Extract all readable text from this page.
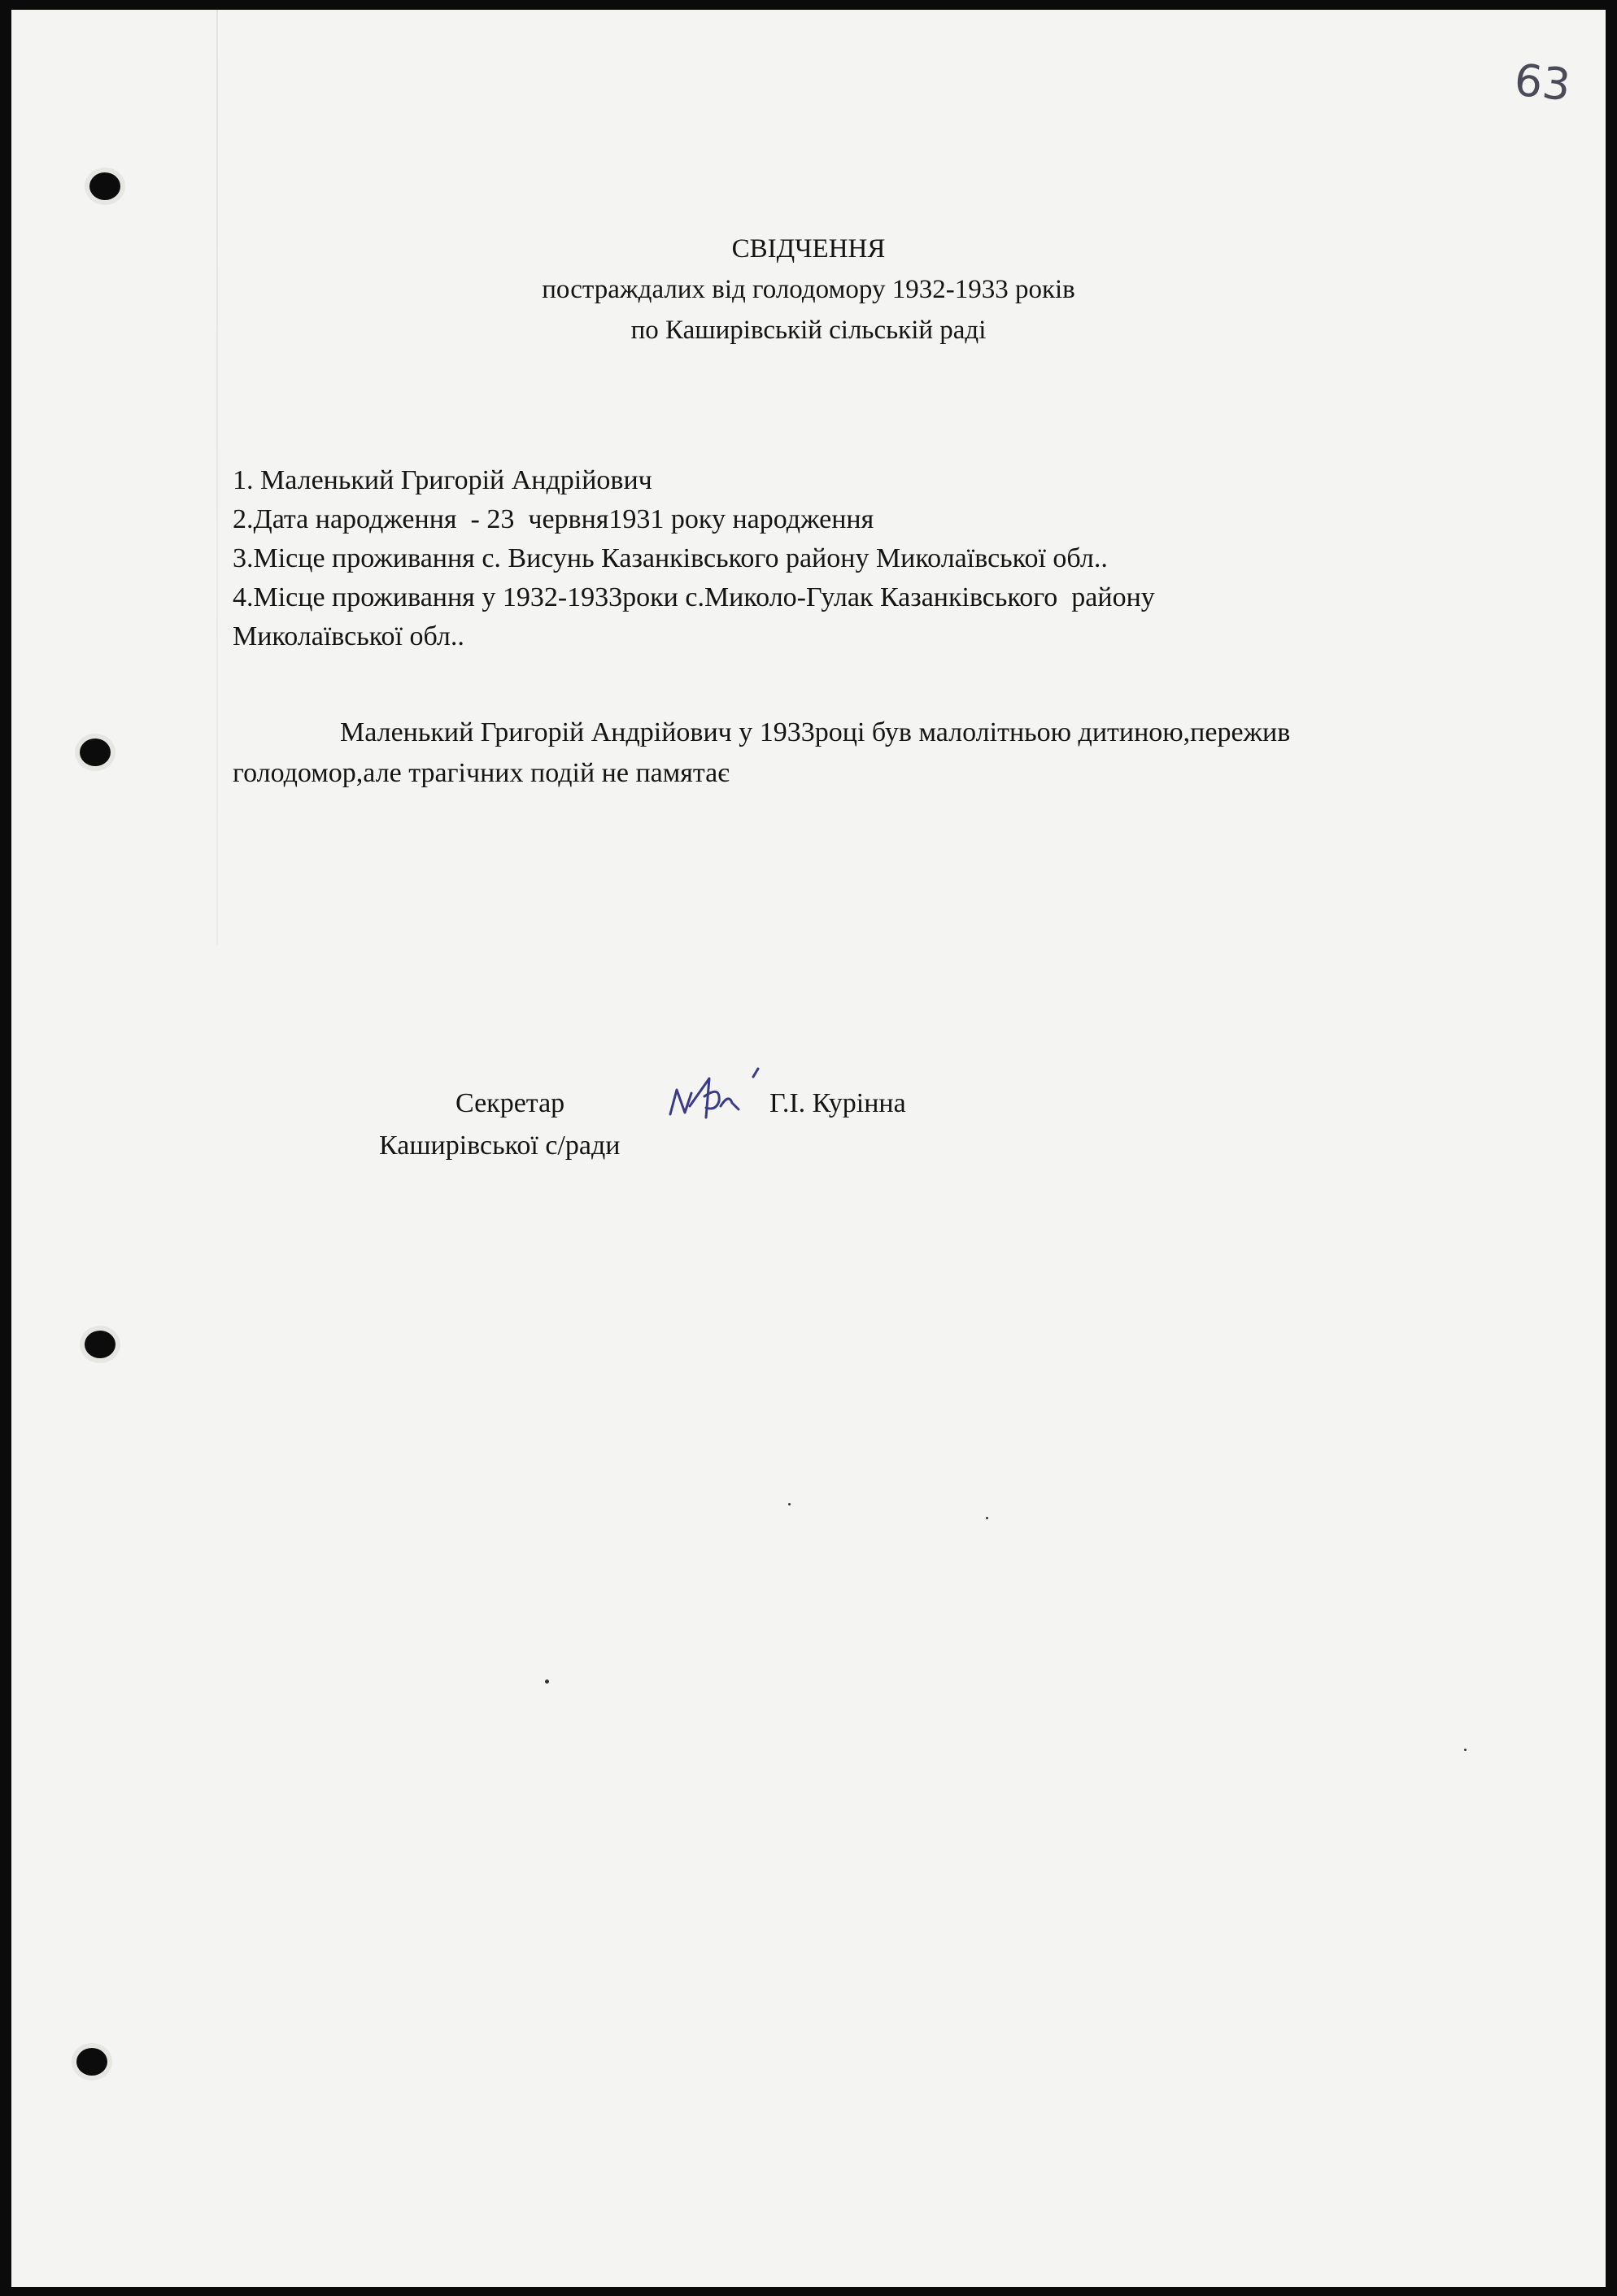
63
СВІДЧЕННЯ
постраждалих від голодомору 1932-1933 років
по Каширівській сільській раді
1. Маленький Григорій Андрійович
2.Дата народження  - 23  червня1931 року народження
3.Місце проживання с. Висунь Казанківського району Миколаївської обл..
4.Місце проживання у 1932-1933роки с.Миколо-Гулак Казанківського  району
Миколаївської обл..
Маленький Григорій Андрійович у 1933році був малолітньою дитиною,пережив
голодомор,але трагічних подій не памятає
Секретар
Каширівської с/ради
Г.І. Курінна
